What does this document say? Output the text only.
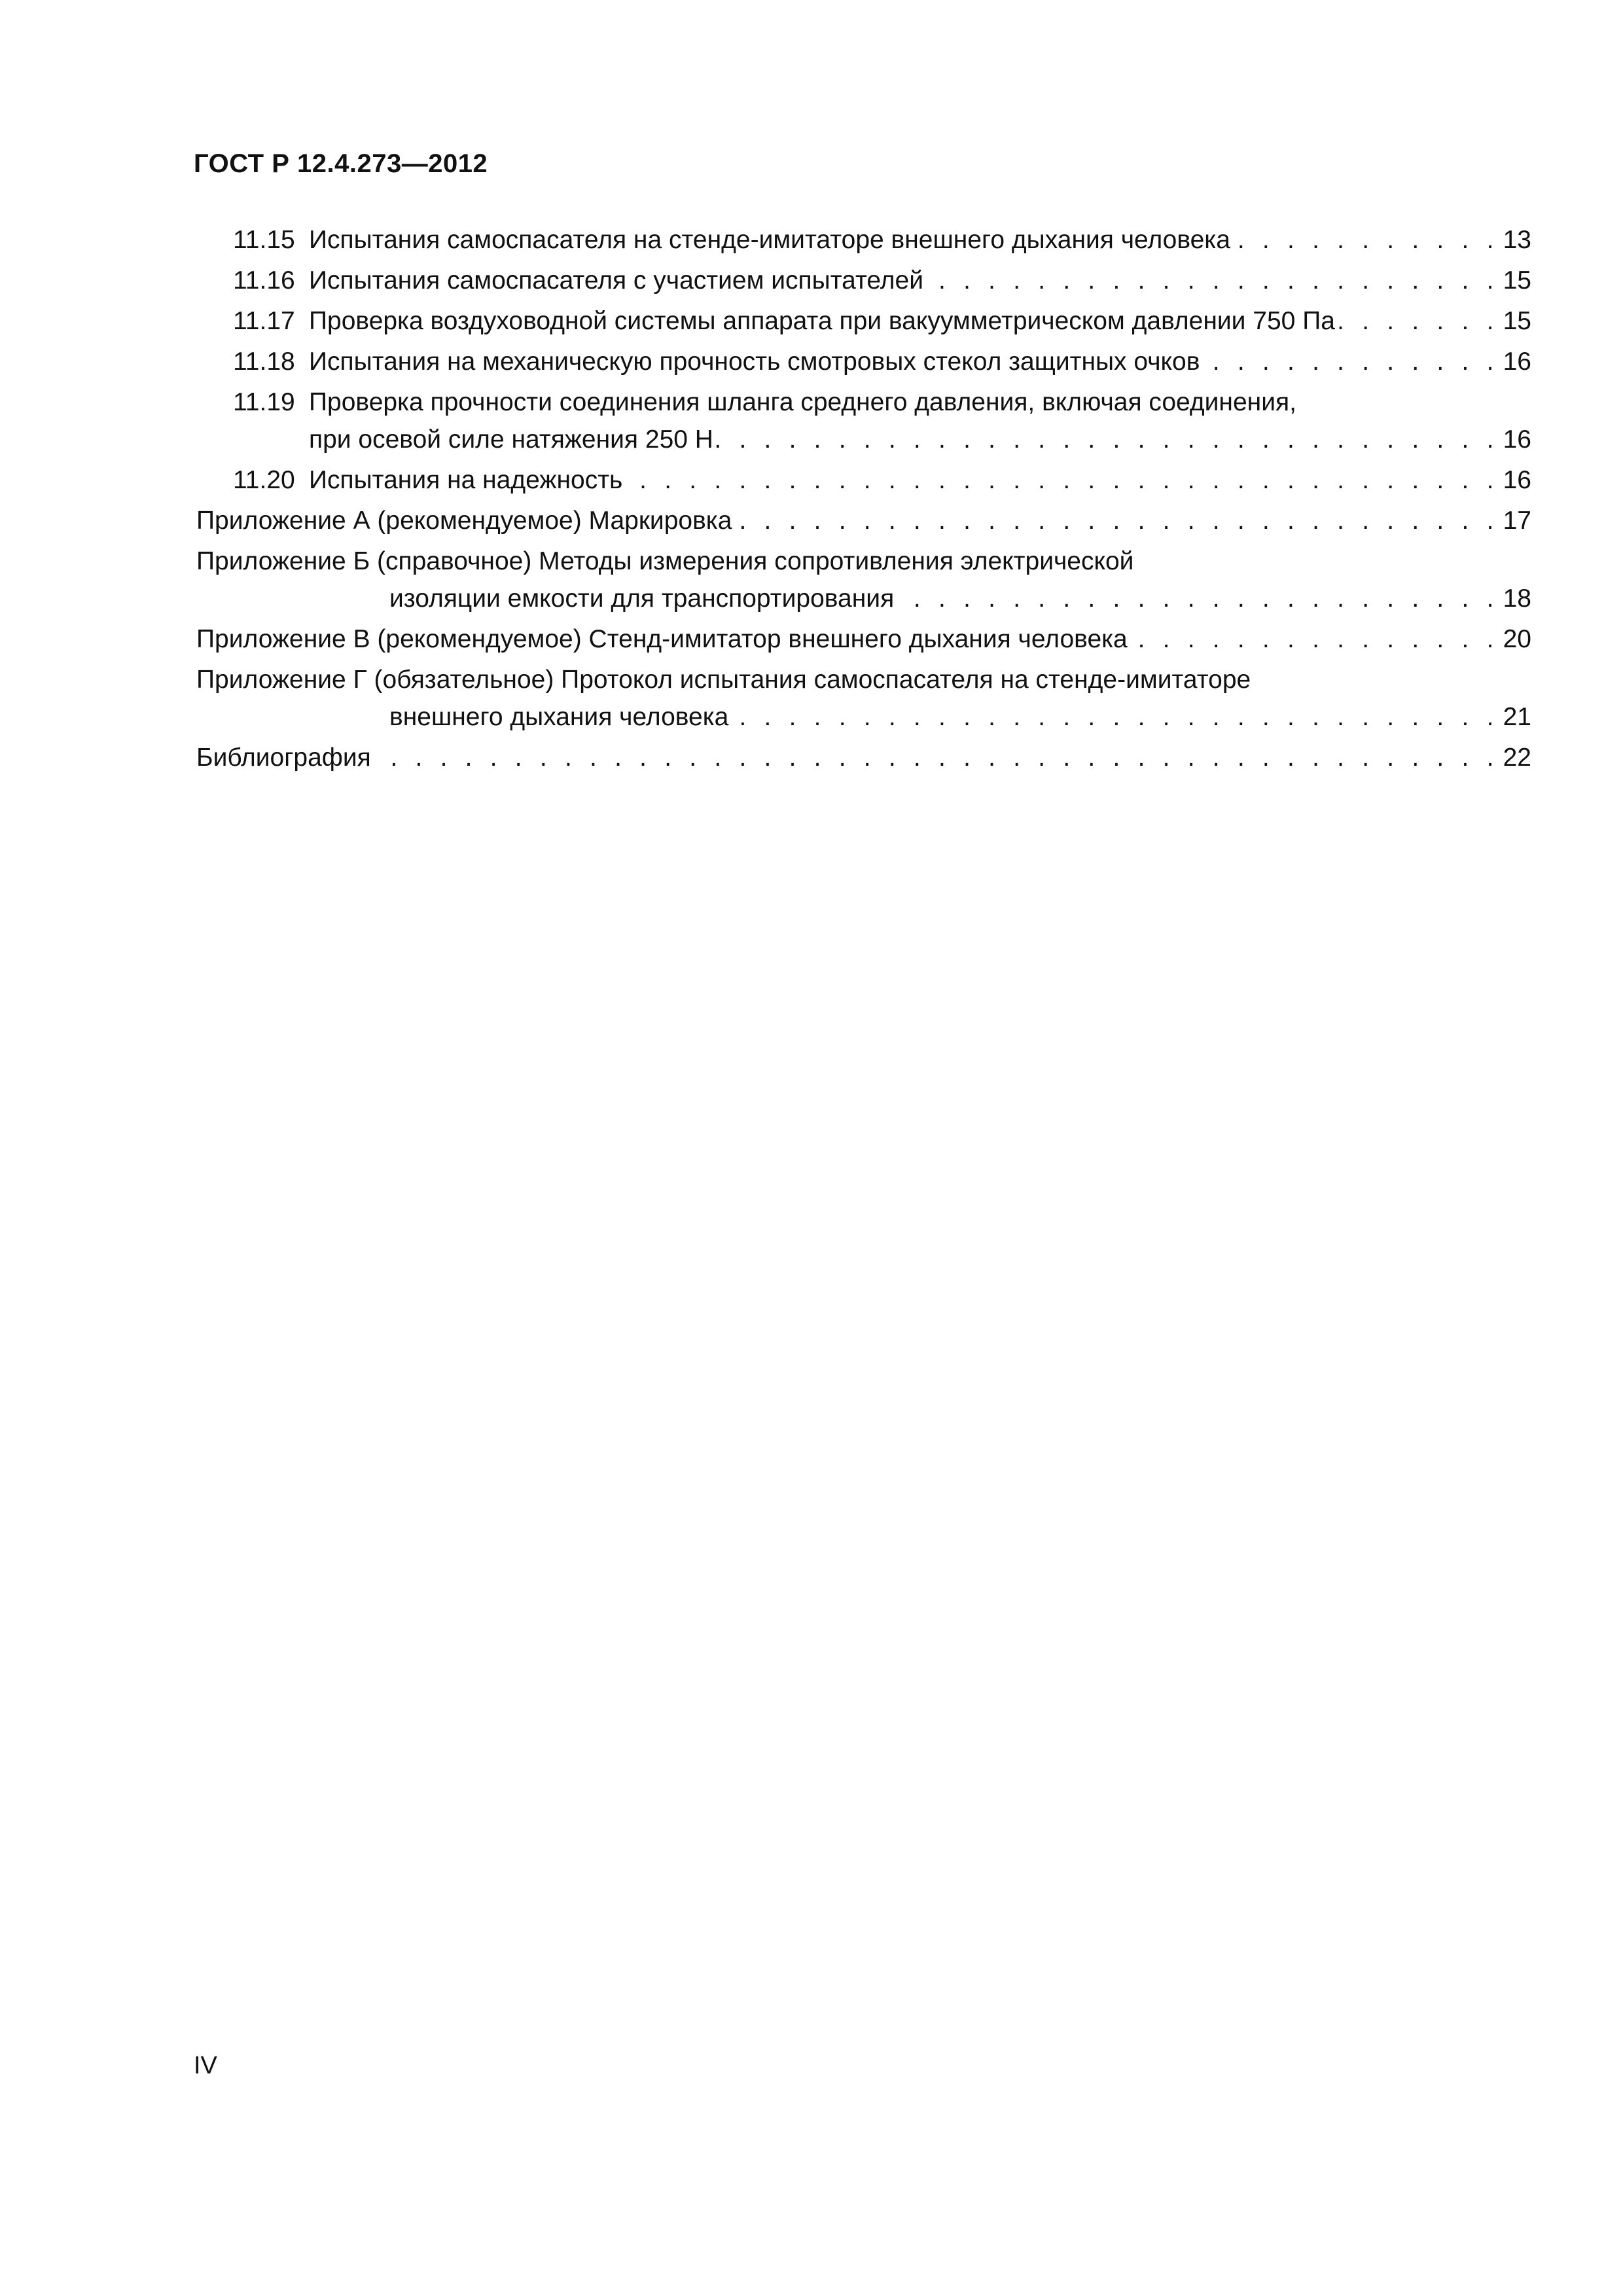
ГОСТ Р 12.4.273—2012
11.15 Испытания самоспасателя на стенде-имитаторе внешнего дыхания человека . . .	13
11.16 Испытания самоспасателя с участием испытателей . . .	15
11.17 Проверка воздуховодной системы аппарата при вакуумметрическом давлении 750 Па . . .	15
11.18 Испытания на механическую прочность смотровых стекол защитных очков . . .	16
11.19 Проверка прочности соединения шланга среднего давления, включая соединения,
при осевой силе натяжения 250 Н . . .	16
11.20 Испытания на надежность . . .	16
Приложение А (рекомендуемое) Маркировка . . .	17
Приложение Б (справочное) Методы измерения сопротивления электрической
изоляции емкости для транспортирования . . .	18
Приложение В (рекомендуемое) Стенд-имитатор внешнего дыхания человека . . .	20
Приложение Г (обязательное) Протокол испытания самоспасателя на стенде-имитаторе
внешнего дыхания человека . . .	21
Библиография . . .	22
IV
